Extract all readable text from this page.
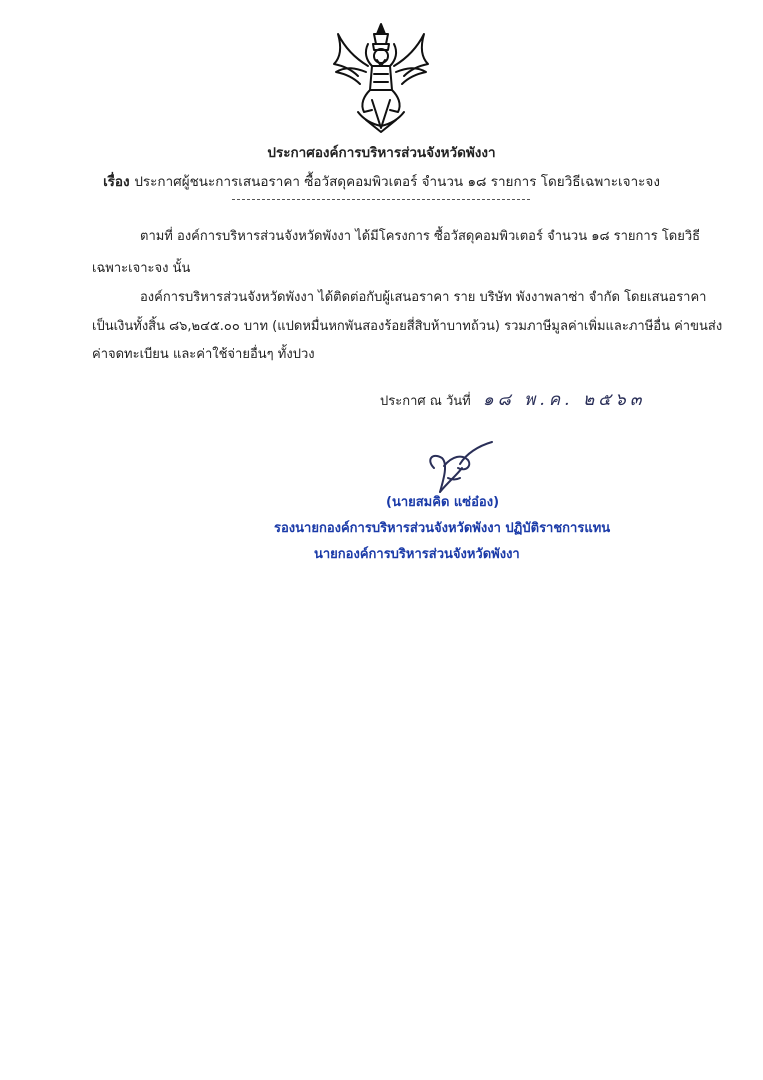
ประกาศองค์การบริหารส่วนจังหวัดพังงา
เรื่อง ประกาศผู้ชนะการเสนอราคา ซื้อวัสดุคอมพิวเตอร์ จำนวน ๑๘ รายการ โดยวิธีเฉพาะเจาะจง
ตามที่ องค์การบริหารส่วนจังหวัดพังงา ได้มีโครงการ ซื้อวัสดุคอมพิวเตอร์ จำนวน ๑๘ รายการ โดยวิธี
เฉพาะเจาะจง นั้น
องค์การบริหารส่วนจังหวัดพังงา ได้ติดต่อกับผู้เสนอราคา ราย บริษัท พังงาพลาซ่า จำกัด โดยเสนอราคา
เป็นเงินทั้งสิ้น ๘๖,๒๔๕.๐๐ บาท (แปดหมื่นหกพันสองร้อยสี่สิบห้าบาทถ้วน) รวมภาษีมูลค่าเพิ่มและภาษีอื่น ค่าขนส่ง
ค่าจดทะเบียน และค่าใช้จ่ายอื่นๆ ทั้งปวง
ประกาศ ณ วันที่ ๑๘ พ.ค. ๒๕๖๓
(นายสมคิด แซ่อ๋อง)
รองนายกองค์การบริหารส่วนจังหวัดพังงา ปฏิบัติราชการแทน
นายกองค์การบริหารส่วนจังหวัดพังงา
